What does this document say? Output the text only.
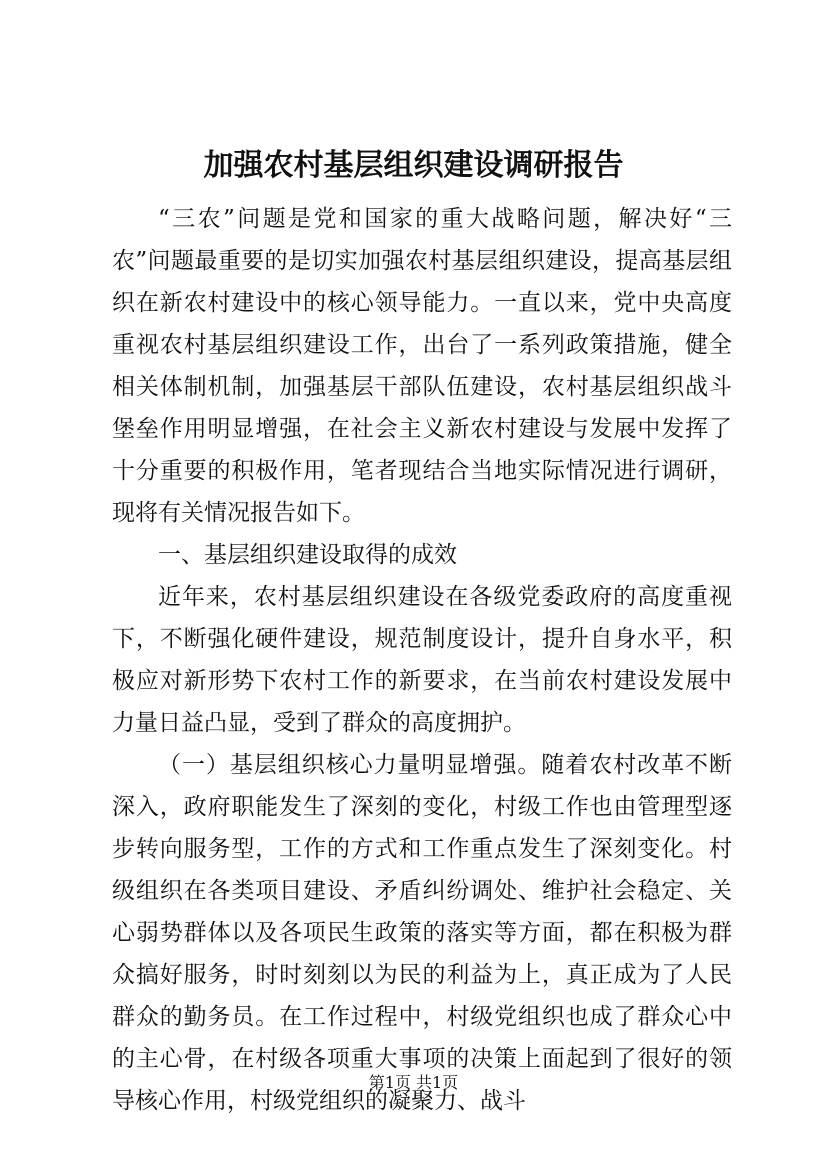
加强农村基层组织建设调研报告

“三农”问题是党和国家的重大战略问题，解决好“三农”问题最重要的是切实加强农村基层组织建设，提高基层组织在新农村建设中的核心领导能力。一直以来，党中央高度重视农村基层组织建设工作，出台了一系列政策措施，健全相关体制机制，加强基层干部队伍建设，农村基层组织战斗堡垒作用明显增强，在社会主义新农村建设与发展中发挥了十分重要的积极作用，笔者现结合当地实际情况进行调研，现将有关情况报告如下。

一、基层组织建设取得的成效

近年来，农村基层组织建设在各级党委政府的高度重视下，不断强化硬件建设，规范制度设计，提升自身水平，积极应对新形势下农村工作的新要求，在当前农村建设发展中力量日益凸显，受到了群众的高度拥护。

（一）基层组织核心力量明显增强。随着农村改革不断深入，政府职能发生了深刻的变化，村级工作也由管理型逐步转向服务型，工作的方式和工作重点发生了深刻变化。村级组织在各类项目建设、矛盾纠纷调处、维护社会稳定、关心弱势群体以及各项民生政策的落实等方面，都在积极为群众搞好服务，时时刻刻以为民的利益为上，真正成为了人民群众的勤务员。在工作过程中，村级党组织也成了群众心中的主心骨，在村级各项重大事项的决策上面起到了很好的领导核心作用，村级党组织的凝聚力、战斗

第1页 共1页
